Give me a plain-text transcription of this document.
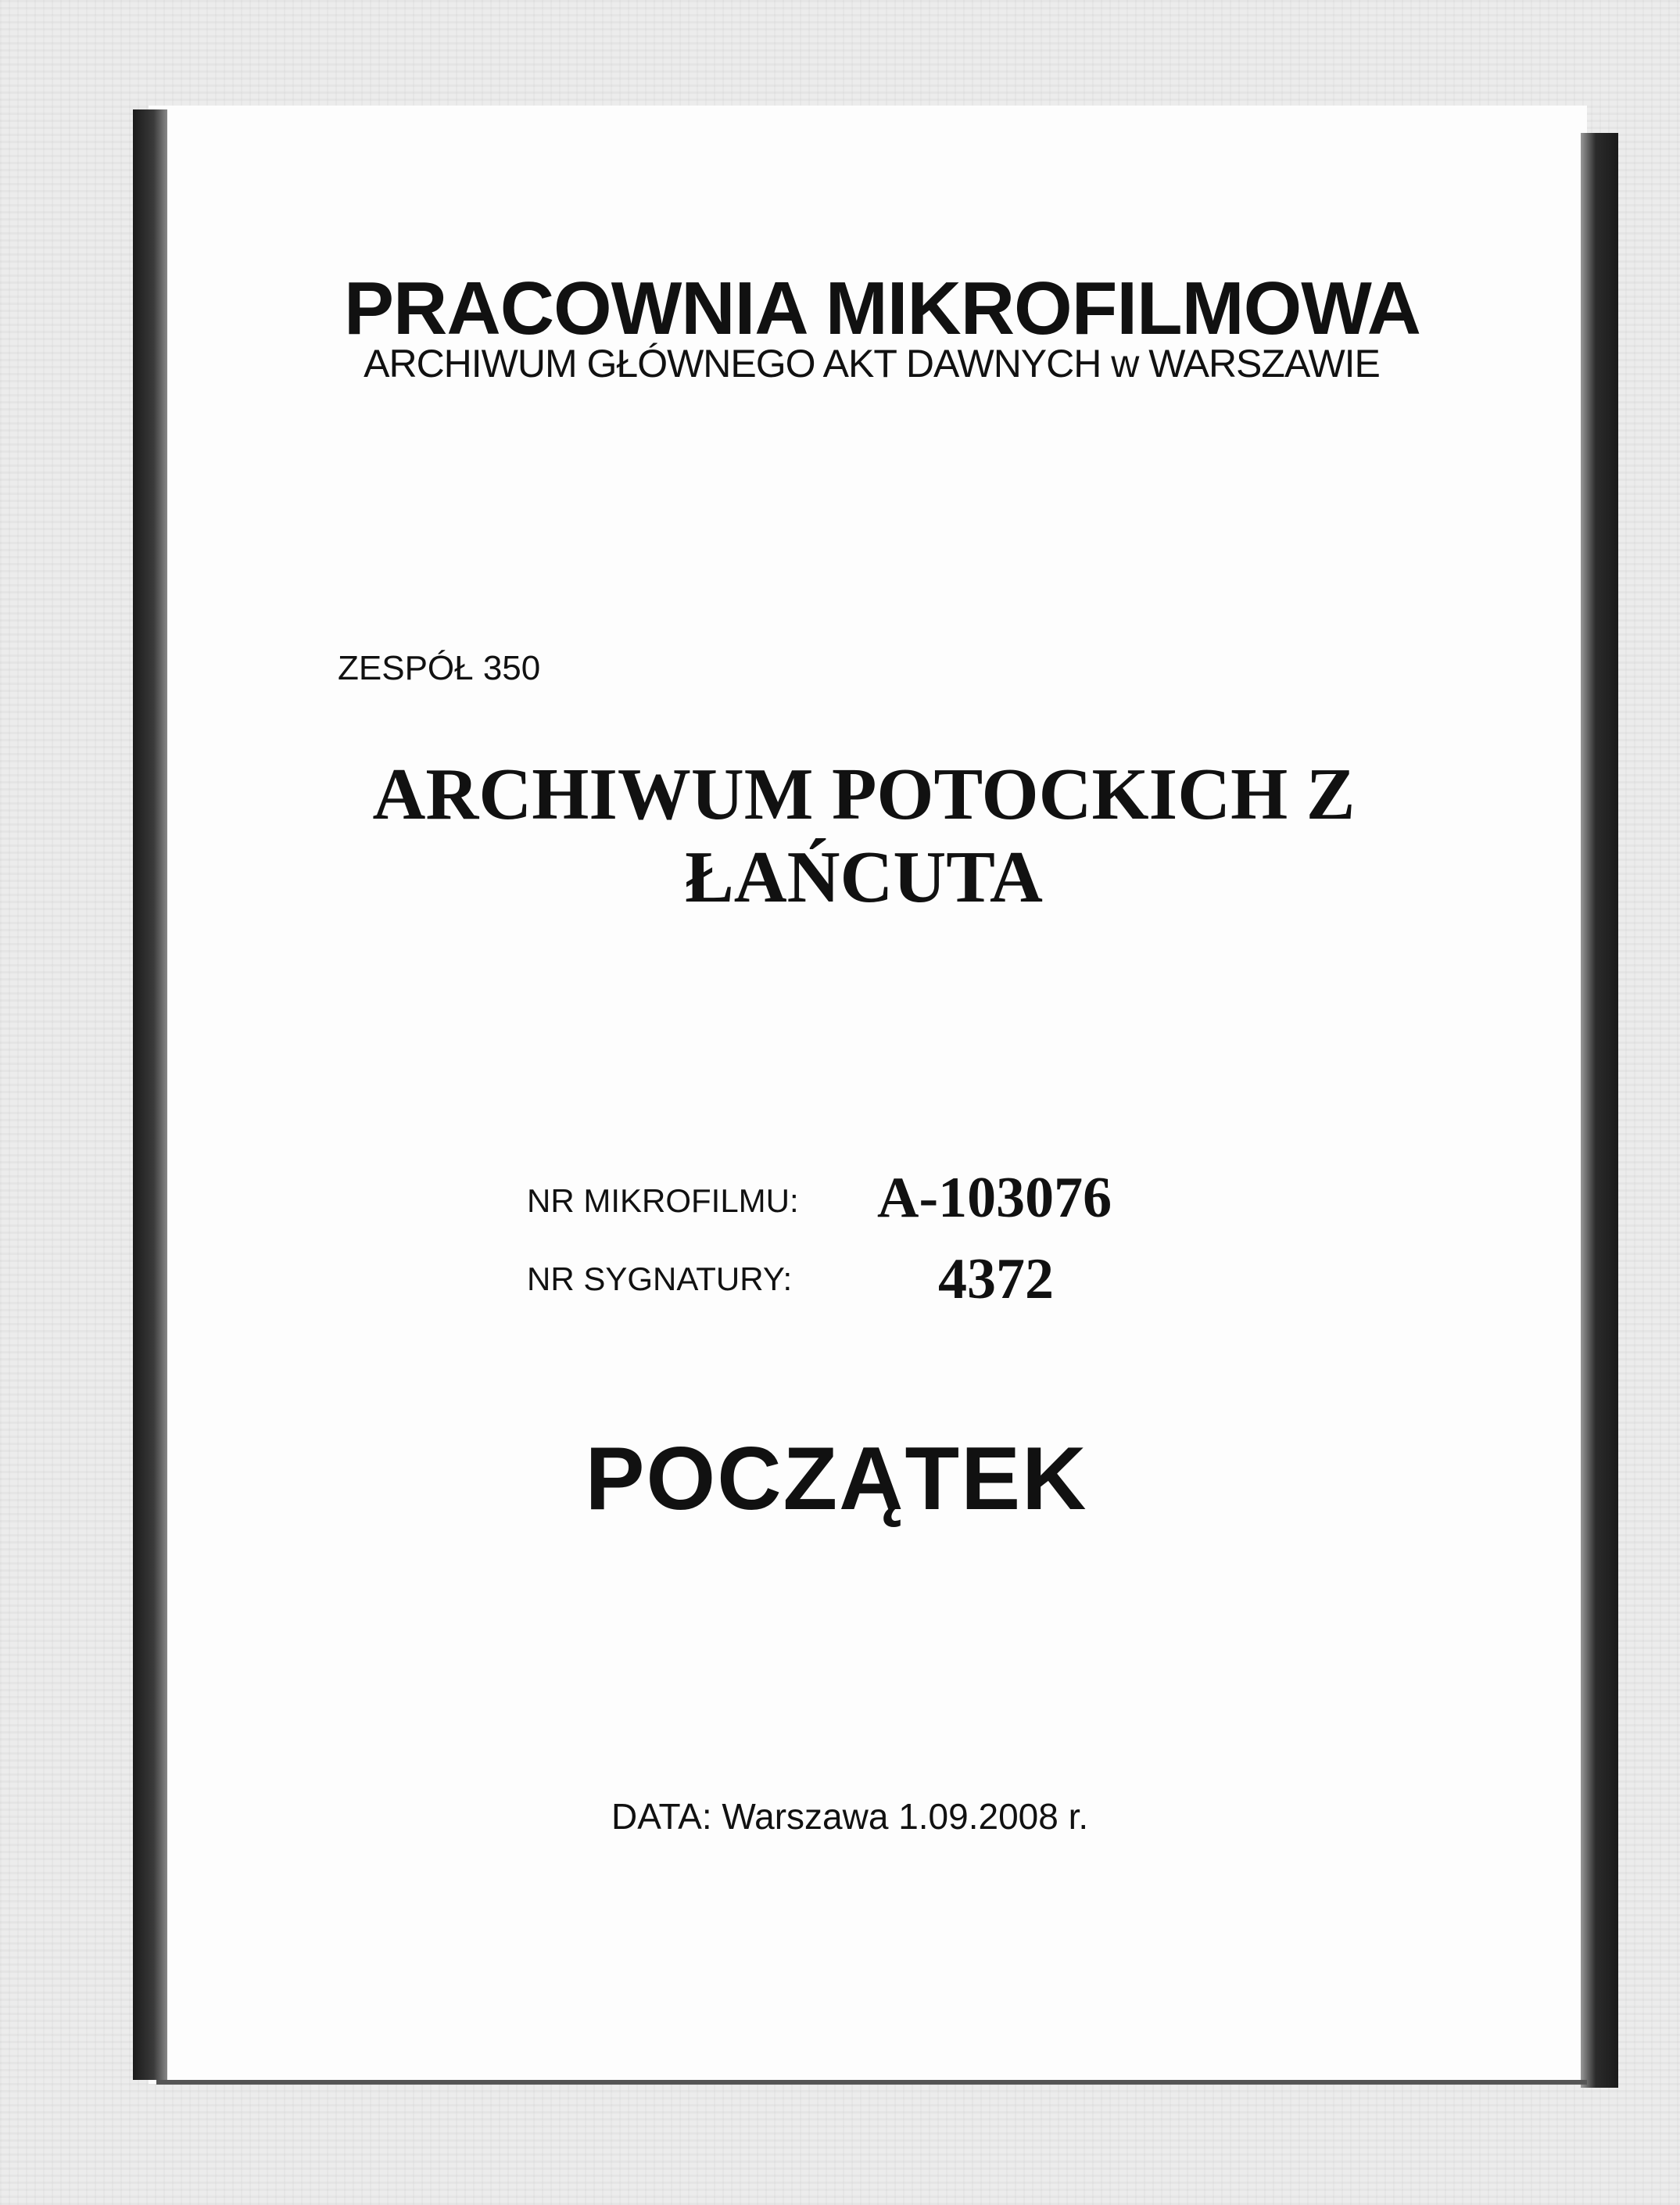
PRACOWNIA MIKROFILMOWA
ARCHIWUM GŁÓWNEGO AKT DAWNYCH w WARSZAWIE
ZESPÓŁ 350
ARCHIWUM POTOCKICH Z
ŁAŃCUTA
NR MIKROFILMU: A-103076
NR SYGNATURY:	4372
POCZĄTEK
DATA: Warszawa 1.09.2008 r.
